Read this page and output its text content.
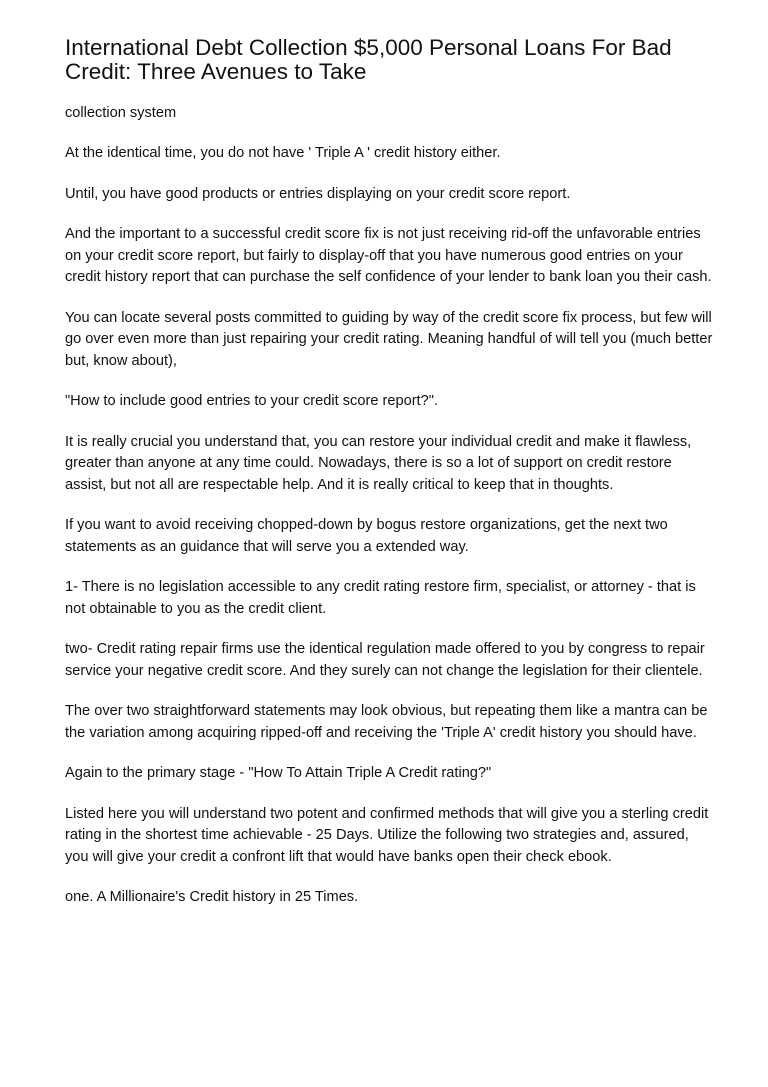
International Debt Collection $5,000 Personal Loans For Bad Credit: Three Avenues to Take

collection system

At the identical time, you do not have ' Triple A ' credit history either.

Until, you have good products or entries displaying on your credit score report.

And the important to a successful credit score fix is not just receiving rid-off the unfavorable entries on your credit score report, but fairly to display-off that you have numerous good entries on your credit history report that can purchase the self confidence of your lender to bank loan you their cash.

You can locate several posts committed to guiding by way of the credit score fix process, but few will go over even more than just repairing your credit rating. Meaning handful of will tell you (much better but, know about),

"How to include good entries to your credit score report?".

It is really crucial you understand that, you can restore your individual credit and make it flawless, greater than anyone at any time could. Nowadays, there is so a lot of support on credit restore assist, but not all are respectable help. And it is really critical to keep that in thoughts.

If you want to avoid receiving chopped-down by bogus restore organizations, get the next two statements as an guidance that will serve you a extended way.

1- There is no legislation accessible to any credit rating restore firm, specialist, or attorney - that is not obtainable to you as the credit client.

two- Credit rating repair firms use the identical regulation made offered to you by congress to repair service your negative credit score. And they surely can not change the legislation for their clientele.

The over two straightforward statements may look obvious, but repeating them like a mantra can be the variation among acquiring ripped-off and receiving the 'Triple A' credit history you should have.

Again to the primary stage - "How To Attain Triple A Credit rating?"

Listed here you will understand two potent and confirmed methods that will give you a sterling credit rating in the shortest time achievable - 25 Days. Utilize the following two strategies and, assured, you will give your credit a confront lift that would have banks open their check ebook.

one. A Millionaire's Credit history in 25 Times.
